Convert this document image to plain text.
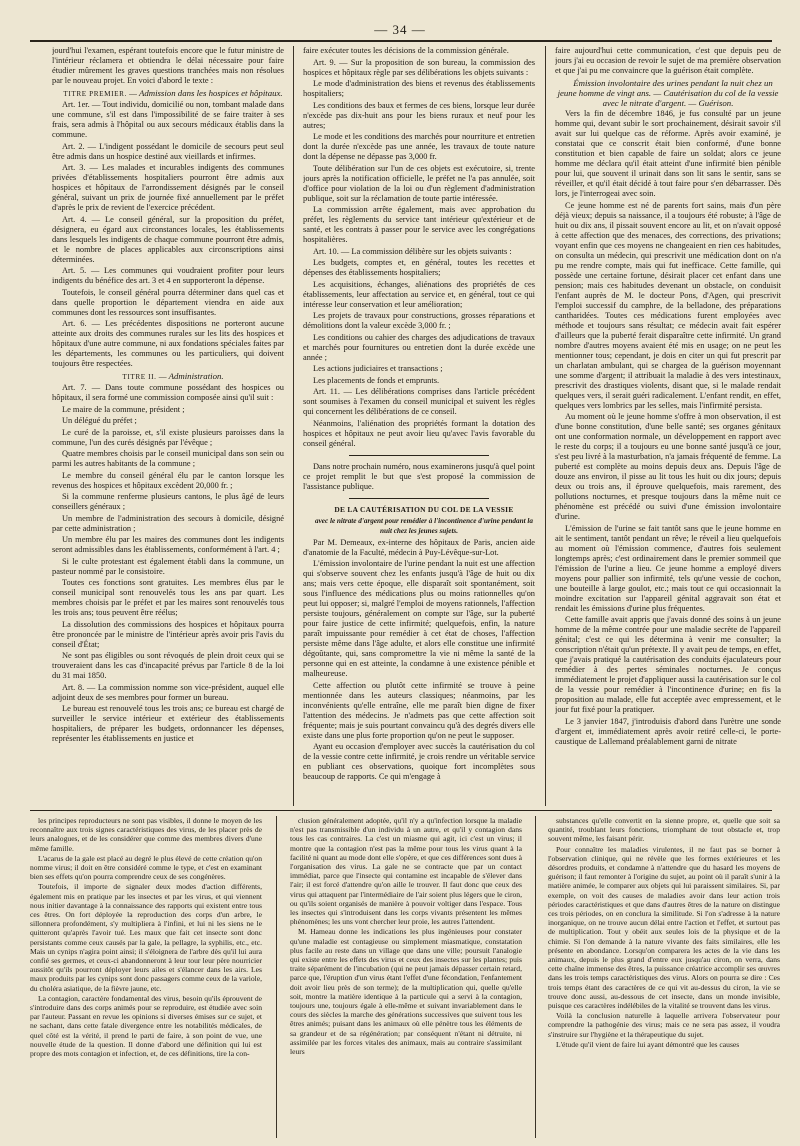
— 34 —

jourd'hui l'examen, espérant toutefois encore que le futur ministre de l'intérieur réclamera et obtiendra le délai nécessaire pour faire étudier mûrement les graves questions tranchées mais non résolues par le nouveau projet. En voici d'abord le texte :

TITRE PREMIER. — Admission dans les hospices et hôpitaux.

Art. 1er. — Tout individu, domicilié ou non, tombant malade dans une commune, s'il est dans l'impossibilité de se faire traiter à ses frais, sera admis à l'hôpital ou aux secours médicaux établis dans la commune.

Art. 2. — L'indigent possédant le domicile de secours peut seul être admis dans un hospice destiné aux vieillards et infirmes.

Art. 3. — Les malades et incurables indigents des communes privées d'établissements hospitaliers pourront être admis aux hospices et hôpitaux de l'arrondissement désignés par le conseil général, suivant un prix de journée fixé annuellement par le préfet d'après le prix de revient de l'exercice précédent.

Art. 4. — Le conseil général, sur la proposition du préfet, désignera, eu égard aux circonstances locales, les établissements dans lesquels les indigents de chaque commune pourront être admis, et le nombre de places applicables aux circonscriptions ainsi déterminées.

Art. 5. — Les communes qui voudraient profiter pour leurs indigents du bénéfice des art. 3 et 4 en supporteront la dépense.

Toutefois, le conseil général pourra déterminer dans quel cas et dans quelle proportion le département viendra en aide aux communes dont les ressources sont insuffisantes.

Art. 6. — Les précédentes dispositions ne porteront aucune atteinte aux droits des communes rurales sur les lits des hospices et hôpitaux d'une autre commune, ni aux fondations spéciales faites par les départements, les communes ou les particuliers, qui doivent toujours être respectées.

TITRE II. — Administration.

Art. 7. — Dans toute commune possédant des hospices ou hôpitaux, il sera formé une commission composée ainsi qu'il suit :

Le maire de la commune, président ;

Un délégué du préfet ;

Le curé de la paroisse, et, s'il existe plusieurs paroisses dans la commune, l'un des curés désignés par l'évêque ;

Quatre membres choisis par le conseil municipal dans son sein ou parmi les autres habitants de la commune ;

Le membre du conseil général élu par le canton lorsque les revenus des hospices et hôpitaux excèdent 20,000 fr. ;

Si la commune renferme plusieurs cantons, le plus âgé de leurs conseillers généraux ;

Un membre de l'administration des secours à domicile, désigné par cette administration ;

Un membre élu par les maires des communes dont les indigents seront admissibles dans les établissements, conformément à l'art. 4 ;

Si le culte protestant est également établi dans la commune, un pasteur nommé par le consistoire.

Toutes ces fonctions sont gratuites. Les membres élus par le conseil municipal sont renouvelés tous les ans par quart. Les membres choisis par le préfet et par les maires sont renouvelés tous les trois ans; tous peuvent être réélus;

La dissolution des commissions des hospices et hôpitaux pourra être prononcée par le ministre de l'intérieur après avoir pris l'avis du conseil d'État;

Ne sont pas éligibles ou sont révoqués de plein droit ceux qui se trouveraient dans les cas d'incapacité prévus par l'article 8 de la loi du 31 mai 1850.

Art. 8. — La commission nomme son vice-président, auquel elle adjoint deux de ses membres pour former un bureau.

Le bureau est renouvelé tous les trois ans; ce bureau est chargé de surveiller le service intérieur et extérieur des établissements hospitaliers, de préparer les budgets, ordonnancer les dépenses, représenter les établissements en justice et

faire exécuter toutes les décisions de la commission générale.

Art. 9. — Sur la proposition de son bureau, la commission des hospices et hôpitaux règle par ses délibérations les objets suivants :

Le mode d'administration des biens et revenus des établissements hospitaliers;

Les conditions des baux et fermes de ces biens, lorsque leur durée n'excède pas dix-huit ans pour les biens ruraux et neuf pour les autres;

Le mode et les conditions des marchés pour nourriture et entretien dont la durée n'excède pas une année, les travaux de toute nature dont la dépense ne dépasse pas 3,000 fr.

Toute délibération sur l'un de ces objets est exécutoire, si, trente jours après la notification officielle, le préfet ne l'a pas annulée, soit d'office pour violation de la loi ou d'un règlement d'administration publique, soit sur la réclamation de toute partie intéressée.

La commission arrête également, mais avec approbation du préfet, les règlements du service tant intérieur qu'extérieur et de santé, et les contrats à passer pour le service avec les congrégations hospitalières.

Art. 10. — La commission délibère sur les objets suivants :

Les budgets, comptes et, en général, toutes les recettes et dépenses des établissements hospitaliers;

Les acquisitions, échanges, aliénations des propriétés de ces établissements, leur affectation au service et, en général, tout ce qui intéresse leur conservation et leur amélioration;

Les projets de travaux pour constructions, grosses réparations et démolitions dont la valeur excède 3,000 fr. ;

Les conditions ou cahier des charges des adjudications de travaux et marchés pour fournitures ou entretien dont la durée excède une année ;

Les actions judiciaires et transactions ;

Les placements de fonds et emprunts.

Art. 11. — Les délibérations comprises dans l'article précédent sont soumises à l'examen du conseil municipal et suivent les règles qui concernent les délibérations de ce conseil.

Néanmoins, l'aliénation des propriétés formant la dotation des hospices et hôpitaux ne peut avoir lieu qu'avec l'avis favorable du conseil général.

Dans notre prochain numéro, nous examinerons jusqu'à quel point ce projet remplit le but que s'est proposé la commission de l'assistance publique.

DE LA CAUTÉRISATION DU COL DE LA VESSIE

avec le nitrate d'argent pour remédier à l'incontinence d'urine pendant la nuit chez les jeunes sujets.

Par M. Demeaux, ex-interne des hôpitaux de Paris, ancien aide d'anatomie de la Faculté, médecin à Puy-Lévêque-sur-Lot.

L'émission involontaire de l'urine pendant la nuit est une affection qui s'observe souvent chez les enfants jusqu'à l'âge de huit ou dix ans; mais vers cette époque, elle disparaît soit spontanément, soit sous l'influence des médications plus ou moins rationnelles qu'on peut lui opposer; si, malgré l'emploi de moyens rationnels, l'affection persiste toujours, généralement on compte sur l'âge, sur la puberté pour faire justice de cette infirmité; quelquefois, enfin, la nature paraît impuissante pour remédier à cet état de choses, l'affection persiste même dans l'âge adulte, et alors elle constitue une infirmité dégoûtante, qui, sans compromettre la vie ni même la santé de la personne qui en est atteinte, la condamne à une existence pénible et malheureuse.

Cette affection ou plutôt cette infirmité se trouve à peine mentionnée dans les auteurs classiques; néanmoins, par les inconvénients qu'elle entraîne, elle me paraît bien digne de fixer l'attention des médecins. Je n'admets pas que cette affection soit fréquente; mais je suis pourtant convaincu qu'à des degrés divers elle existe dans une plus forte proportion qu'on ne peut le supposer.

Ayant eu occasion d'employer avec succès la cautérisation du col de la vessie contre cette infirmité, je crois rendre un véritable service en publiant ces observations, quoique fort incomplètes sous beaucoup de rapports. Ce qui m'engage à

faire aujourd'hui cette communication, c'est que depuis peu de jours j'ai eu occasion de revoir le sujet de ma première observation et que j'ai pu me convaincre que la guérison était complète.

Émission involontaire des urines pendant la nuit chez un jeune homme de vingt ans. — Cautérisation du col de la vessie avec le nitrate d'argent. — Guérison.

Vers la fin de décembre 1846, je fus consulté par un jeune homme qui, devant subir le sort prochainement, désirait savoir s'il avait sur lui quelque cas de réforme. Après avoir examiné, je constatai que ce conscrit était bien conformé, d'une bonne constitution et bien capable de faire un soldat; alors ce jeune homme me déclara qu'il était atteint d'une infirmité bien pénible pour lui, que souvent il urinait dans son lit sans le sentir, sans se réveiller, et qu'il était décidé à tout faire pour s'en débarrasser. Dès lors, je l'interrogeai avec soin.

Ce jeune homme est né de parents fort sains, mais d'un père déjà vieux; depuis sa naissance, il a toujours été robuste; à l'âge de huit ou dix ans, il pissait souvent encore au lit, et on n'avait opposé à cette affection que des menaces, des corrections, des privations; voyant enfin que ces moyens ne changeaient en rien ces habitudes, on consulta un médecin, qui prescrivit une médication dont on n'a pu me rendre compte, mais qui fut inefficace. Cette famille, qui possède une certaine fortune, désirait placer cet enfant dans une pension; mais ces habitudes devenant un obstacle, on conduisit l'enfant auprès de M. le docteur Pons, d'Agen, qui prescrivit l'emploi successif du camphre, de la belladone, des préparations cantharidées. Toutes ces médications furent employées avec méthode et toujours sans résultat; ce médecin avait fait espérer d'ailleurs que la puberté ferait disparaître cette infirmité. Un grand nombre d'autres moyens avaient été mis en usage; on ne peut les mentionner tous; cependant, je dois en citer un qui fut prescrit par un charlatan ambulant, qui se chargea de la guérison moyennant une somme d'argent; il attribuait la maladie à des vers intestinaux, prescrivit des drastiques violents, disant que, si le malade rendait quelques vers, il serait guéri radicalement. L'enfant rendit, en effet, quelques vers lombrics par les selles, mais l'infirmité persista.

Au moment où le jeune homme s'offre à mon observation, il est d'une bonne constitution, d'une belle santé; ses organes génitaux ont une conformation normale, un développement en rapport avec le reste du corps; il a toujours eu une bonne santé jusqu'à ce jour, s'est peu livré à la masturbation, n'a jamais fréquenté de femme. La puberté est complète au moins depuis deux ans. Depuis l'âge de douze ans environ, il pisse au lit tous les huit ou dix jours; depuis deux ou trois ans, il éprouve quelquefois, mais rarement, des pollutions nocturnes, et presque toujours dans la même nuit ce phénomène est précédé ou suivi d'une émission involontaire d'urine.

L'émission de l'urine se fait tantôt sans que le jeune homme en ait le sentiment, tantôt pendant un rêve; le réveil a lieu quelquefois au moment où l'émission commence, d'autres fois seulement longtemps après; c'est ordinairement dans le premier sommeil que l'émission de l'urine a lieu. Ce jeune homme a employé divers moyens pour pallier son infirmité, tels qu'une vessie de cochon, une bouteille à large goulot, etc.; mais tout ce qui occasionnait la moindre excitation sur l'appareil génital aggravait son état et rendait les émissions d'urine plus fréquentes.

Cette famille avait appris que j'avais donné des soins à un jeune homme de la même contrée pour une maladie secrète de l'appareil génital; c'est ce qui les détermina à venir me consulter; la conscription n'était qu'un prétexte. Il y avait peu de temps, en effet, que j'avais pratiqué la cautérisation des conduits éjaculateurs pour remédier à des pertes séminales nocturnes. Je conçus immédiatement le projet d'appliquer aussi la cautérisation sur le col de la vessie pour remédier à l'incontinence d'urine; en fis la proposition au malade, elle fut acceptée avec empressement, et le jour fut fixé pour la pratiquer.

Le 3 janvier 1847, j'introduisis d'abord dans l'urètre une sonde d'argent et, immédiatement après avoir retiré celle-ci, le porte-caustique de Lallemand préalablement garni de nitrate

les principes reproducteurs ne sont pas visibles, il donne le moyen de les reconnaître aux trois signes caractéristiques des virus, de les placer près de leurs analogues, et de les considérer que comme des membres divers d'une même famille.

L'acarus de la gale est placé au degré le plus élevé de cette création qu'on nomme virus; il doit en être considéré comme le type, et c'est en examinant bien ses effets qu'on pourra comprendre ceux de ses congénères.

Toutefois, il importe de signaler deux modes d'action différents, également mis en pratique par les insectes et par les virus, et qui viennent nous initier davantage à la connaissance des rapports qui existent entre tous ces êtres. On fort déployée la reproduction des corps d'un arbre, le sillonnera profondément, s'y multipliera à l'infini, et lui ni les siens ne le quitteront qu'après l'avoir tué. Les maux que fait cet insecte sont donc persistants comme ceux causés par la gale, la pellagre, la syphilis, etc., etc. Mais un cynips n'agira point ainsi; il s'éloignera de l'arbre dès qu'il lui aura confié ses germes, et ceux-ci abandonneront à leur tour leur père nourricier aussitôt qu'ils pourront déployer leurs ailes et s'élancer dans les airs. Les maux produits par les cynips sont donc passagers comme ceux de la variole, du choléra asiatique, de la fièvre jaune, etc.

La contagion, caractère fondamental des virus, besoin qu'ils éprouvent de s'introduire dans des corps animés pour se reproduire, est étudiée avec soin par l'auteur. Passant en revue les opinions si diverses émises sur ce sujet, et ne sachant, dans cette fatale divergence entre les notabilités médicales, de quel côté est la vérité, il prend le parti de faire, à son point de vue, une nouvelle étude de la question. Il donne d'abord une définition qui lui est propre des mots contagion et infection, et, de ces définitions, tire la con-

clusion généralement adoptée, qu'il n'y a qu'infection lorsque la maladie n'est pas transmissible d'un individu à un autre, et qu'il y contagion dans tous les cas contraires. La c'est un miasme qui agit, ici c'est un virus; il montre que la contagion n'est pas la même pour tous les virus quant à la facilité ni quant au mode dont elle s'opère, et que ces différences sont dues à l'organisation des virus. La gale ne se contracte que par un contact immédiat, parce que l'insecte qui contamine est incapable de s'élever dans l'air; il est forcé d'attendre qu'on aille le trouver. Il faut donc que ceux des virus qui attaquent par l'intermédiaire de l'air soient plus légers que le ciron, ou qu'ils soient organisés de manière à pouvoir voltiger dans l'espace. Tous les insectes qui s'introduisent dans les corps vivants présentent les mêmes phénomènes; les uns vont chercher leur proie, les autres l'attendent.

M. Hameau donne les indications les plus ingénieuses pour constater qu'une maladie est contagieuse ou simplement miasmatique, constatation plus facile au reste dans un village que dans une ville; poursuit l'analogie qui existe entre les effets des virus et ceux des insectes sur les plantes; puis traite séparément de l'incubation (qui ne peut jamais dépasser certain retard, parce que, l'éruption d'un virus étant l'effet d'une fécondation, l'enfantement doit avoir lieu près de son terme); de la multiplication qui, quelle qu'elle soit, montre la matière identique à la particule qui a servi à la contagion, toujours une, toujours égale à elle-même et suivant invariablement dans le cours des siècles la marche des générations successives que suivent tous les êtres animés; puisant dans les animaux où elle pénètre tous les éléments de sa grandeur et de sa régénération; par conséquent n'étant ni détruite, ni assimilée par les forces vitales des animaux, mais au contraire s'assimilant leurs

substances qu'elle convertit en la sienne propre, et, quelle que soit sa quantité, troublant leurs fonctions, triomphant de tout obstacle et, trop souvent même, les faisant périr.

Pour connaître les maladies virulentes, il ne faut pas se borner à l'observation clinique, qui ne révèle que les formes extérieures et les désordres produits, et condamne à n'attendre que du hasard les moyens de guérison; il faut remonter à l'origine du sujet, au point où il paraît s'unir à la matière animée, le comparer aux objets qui lui paraissent similaires. Si, par exemple, on voit des causes de maladies avoir dans leur action trois périodes caractéristiques et que dans d'autres êtres de la nature on distingue ces trois périodes, on en conclura la similitude. Si l'on s'adresse à la nature inorganique, on ne trouve aucun délai entre l'action et l'effet, et surtout pas de multiplication. Tout y obéit aux seules lois de la physique et de la chimie. Si l'on demande à la nature vivante des faits similaires, elle les présente en abondance. Lorsqu'on comparera les actes de la vie dans les animaux, depuis le plus grand d'entre eux jusqu'au ciron, on verra, dans cette chaîne immense des êtres, la puissance créatrice accomplir ses œuvres dans les trois temps caractéristiques des virus. Alors on pourra se dire : Ces trois temps étant des caractères de ce qui vit au-dessus du ciron, la vie se trouve donc aussi, au-dessous de cet insecte, dans un monde invisible, puisque ces caractères indélébiles de la vitalité se trouvent dans les virus.

Voilà la conclusion naturelle à laquelle arrivera l'observateur pour comprendre la pathogénie des virus; mais ce ne sera pas assez, il voudra s'instruire sur l'hygiène et la thérapeutique du sujet.

L'étude qu'il vient de faire lui ayant démontré que les causes
